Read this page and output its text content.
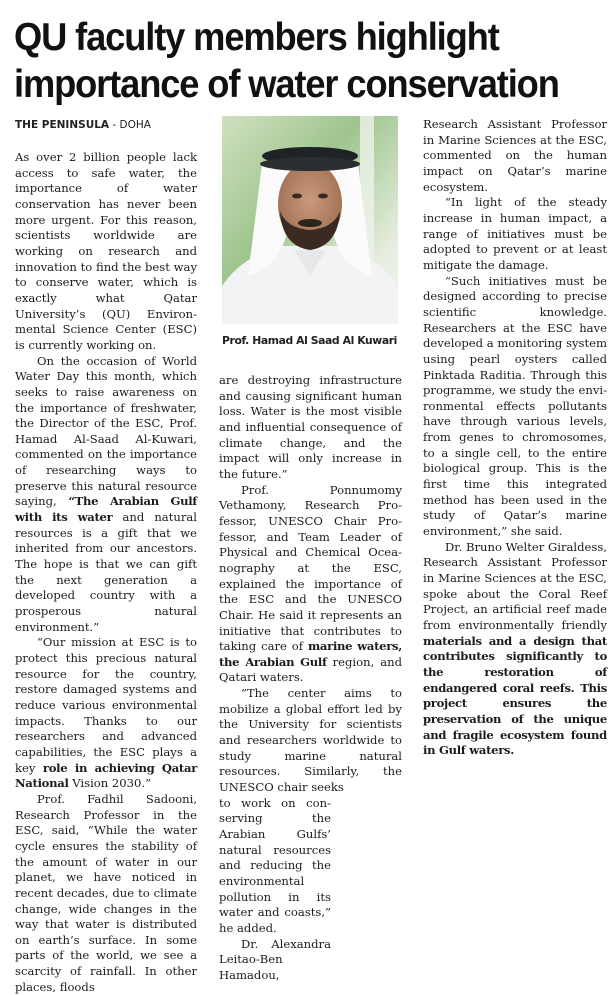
QU faculty members highlight
importance of water conservation
THE PENINSULA - DOHA

As over 2 billion people lack access to safe water, the importance of water conservation has never been more urgent. For this reason, scientists worldwide are working on research and innovation to find the best way to conserve water, which is exactly what Qatar University’s (QU) Environmental Science Center (ESC) is currently working on.

On the occasion of World Water Day this month, which seeks to raise awareness on the importance of freshwater, the Director of the ESC, Prof. Hamad Al-Saad Al-Kuwari, commented on the importance of researching ways to preserve this natural resource saying, “The Arabian Gulf with its water and natural resources is a gift that we inherited from our ancestors. The hope is that we can gift the next generation a developed country with a prosperous natural environment.”

“Our mission at ESC is to protect this precious natural resource for the country, restore damaged systems and reduce various environmental impacts. Thanks to our researchers and advanced capabilities, the ESC plays a key role in achieving Qatar National Vision 2030.”

Prof. Fadhil Sadooni, Research Professor in the ESC, said, “While the water cycle ensures the stability of the amount of water in our planet, we have noticed in recent decades, due to climate change, wide changes in the way that water is distributed on earth’s surface. In some parts of the world, we see a scarcity of rainfall. In other places, floods

Prof. Hamad Al Saad Al Kuwari

are destroying infrastructure and causing significant human loss. Water is the most visible and influential consequence of climate change, and the impact will only increase in the future.”

Prof. Ponnumomy Vethamony, Research Professor, UNESCO Chair Professor, and Team Leader of Physical and Chemical Oceanography at the ESC, explained the importance of the ESC and the UNESCO Chair. He said it represents an initiative that contributes to taking care of marine waters, the Arabian Gulf region, and Qatari waters.

“The center aims to mobilize a global effort led by the University for scientists and researchers worldwide to study marine natural resources. Similarly, the UNESCO chair seeks

to work on conserving the Arabian Gulfs’ natural resources and reducing the environmental pollution in its water and coasts,” he added.

Dr. Alexandra Leitao-Ben Hamadou,

Research Assistant Professor in Marine Sciences at the ESC, commented on the human impact on Qatar’s marine ecosystem.

“In light of the steady increase in human impact, a range of initiatives must be adopted to prevent or at least mitigate the damage.

“Such initiatives must be designed according to precise scientific knowledge. Researchers at the ESC have developed a monitoring system using pearl oysters called Pinktada Raditia. Through this programme, we study the environmental effects pollutants have through various levels, from genes to chromosomes, to a single cell, to the entire biological group. This is the first time this integrated method has been used in the study of Qatar’s marine environment,” she said.

Dr. Bruno Welter Giraldess, Research Assistant Professor in Marine Sciences at the ESC, spoke about the Coral Reef Project, an artificial reef made from environmentally friendly materials and a design that contributes significantly to the restoration of endangered coral reefs. This project ensures the preservation of the unique and fragile ecosystem found in Gulf waters.
